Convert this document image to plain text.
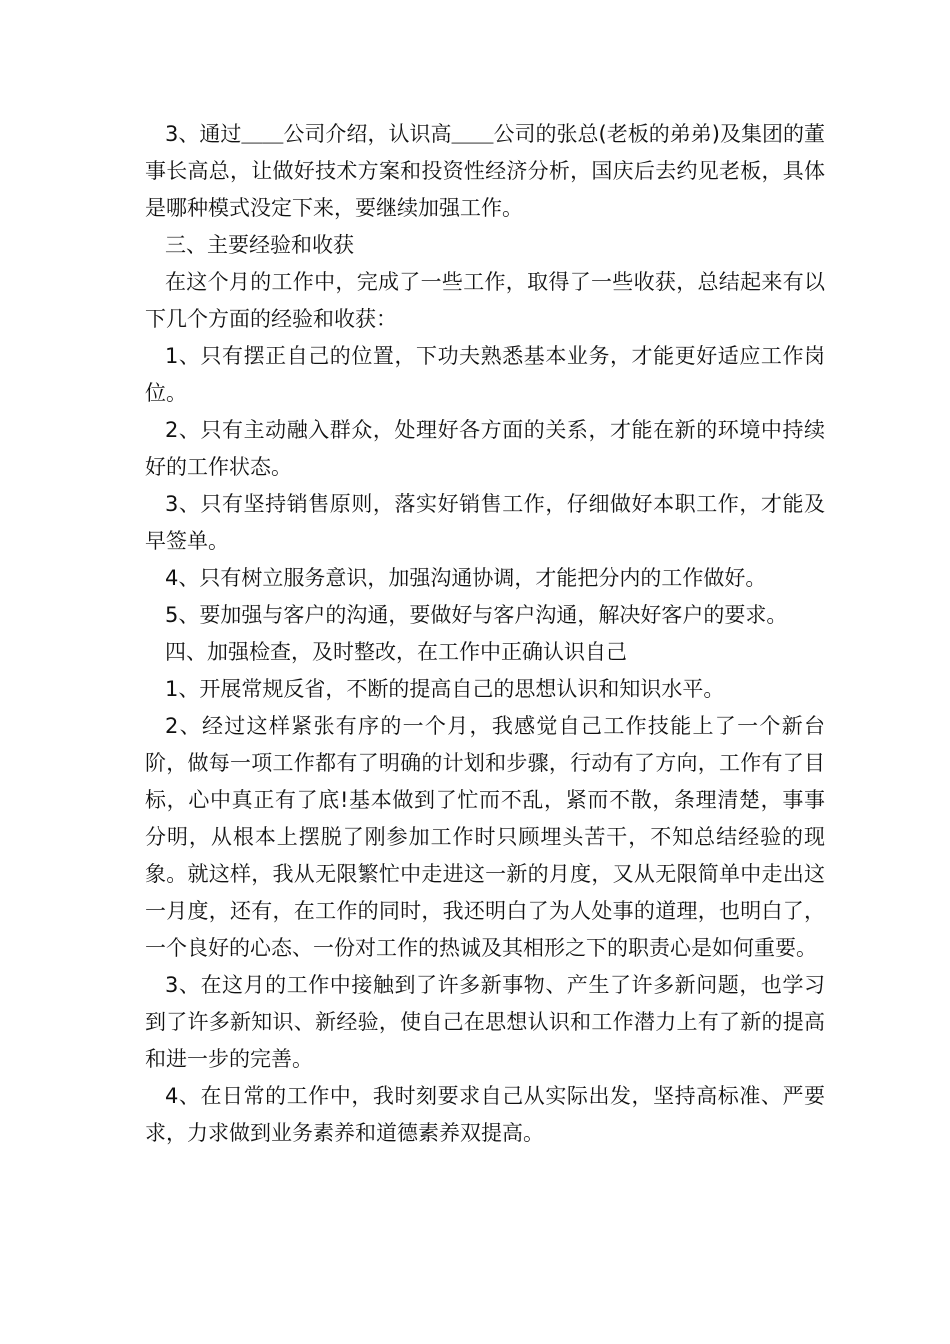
3、通过＿＿公司介绍，认识高＿＿公司的张总(老板的弟弟)及集团的董事长高总，让做好技术方案和投资性经济分析，国庆后去约见老板，具体是哪种模式没定下来，要继续加强工作。

三、主要经验和收获

在这个月的工作中，完成了一些工作，取得了一些收获，总结起来有以下几个方面的经验和收获：

1、只有摆正自己的位置，下功夫熟悉基本业务，才能更好适应工作岗位。

2、只有主动融入群众，处理好各方面的关系，才能在新的环境中持续好的工作状态。

3、只有坚持销售原则，落实好销售工作，仔细做好本职工作，才能及早签单。

4、只有树立服务意识，加强沟通协调，才能把分内的工作做好。

5、要加强与客户的沟通，要做好与客户沟通，解决好客户的要求。

四、加强检查，及时整改，在工作中正确认识自己

1、开展常规反省，不断的提高自己的思想认识和知识水平。

2、经过这样紧张有序的一个月，我感觉自己工作技能上了一个新台阶，做每一项工作都有了明确的计划和步骤，行动有了方向，工作有了目标，心中真正有了底!基本做到了忙而不乱，紧而不散，条理清楚，事事分明，从根本上摆脱了刚参加工作时只顾埋头苦干，不知总结经验的现象。就这样，我从无限繁忙中走进这一新的月度，又从无限简单中走出这一月度，还有，在工作的同时，我还明白了为人处事的道理，也明白了，一个良好的心态、一份对工作的热诚及其相形之下的职责心是如何重要。

3、在这月的工作中接触到了许多新事物、产生了许多新问题，也学习到了许多新知识、新经验，使自己在思想认识和工作潜力上有了新的提高和进一步的完善。

4、在日常的工作中，我时刻要求自己从实际出发，坚持高标准、严要求，力求做到业务素养和道德素养双提高。
